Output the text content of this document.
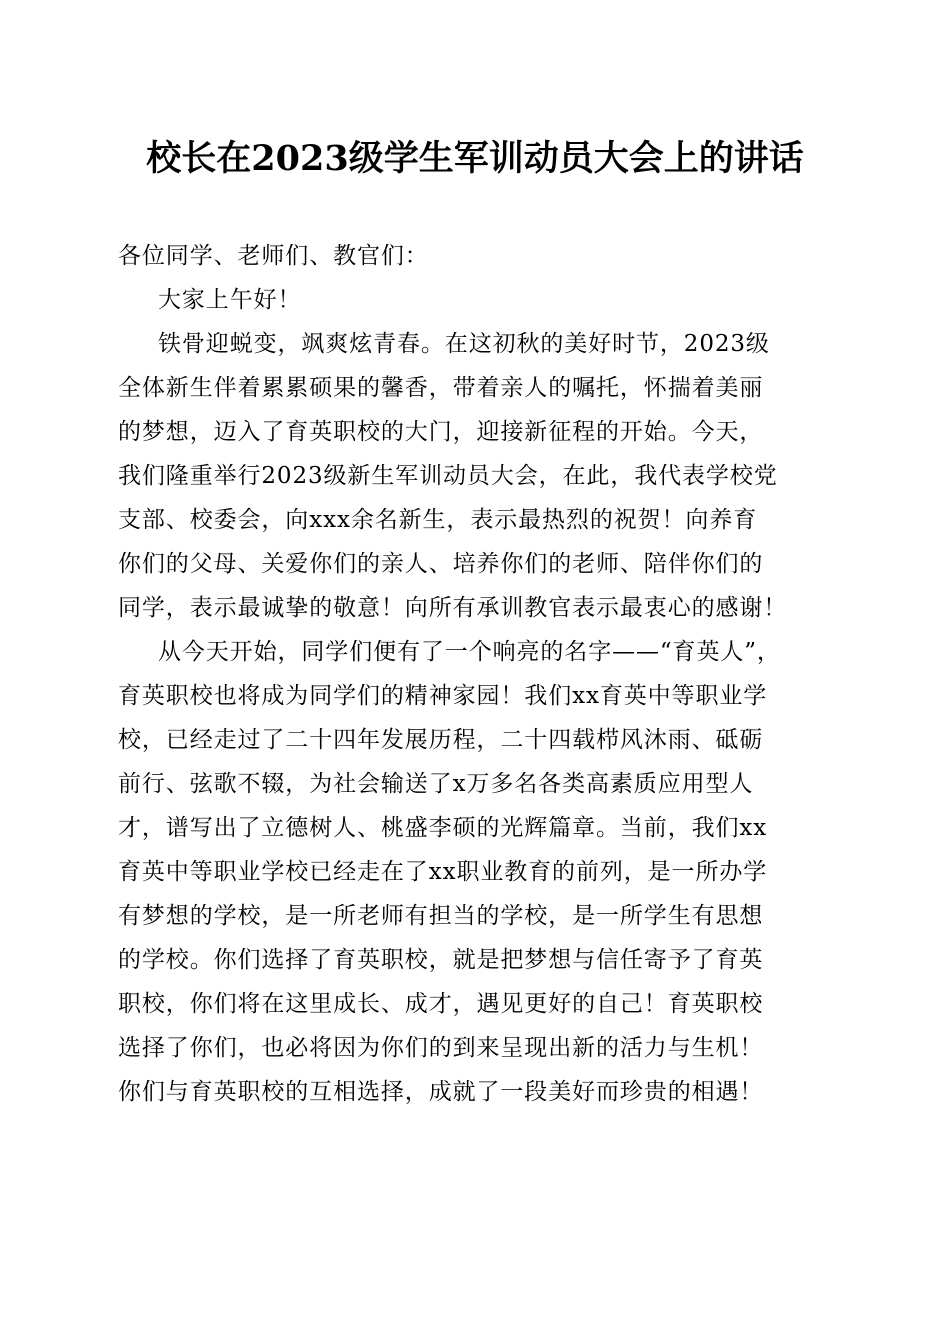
校长在2023级学生军训动员大会上的讲话
各位同学、老师们、教官们：
大家上午好！
铁骨迎蜕变，飒爽炫青春。在这初秋的美好时节，2023级
全体新生伴着累累硕果的馨香，带着亲人的嘱托，怀揣着美丽
的梦想，迈入了育英职校的大门，迎接新征程的开始。今天，
我们隆重举行2023级新生军训动员大会，在此，我代表学校党
支部、校委会，向xxx余名新生，表示最热烈的祝贺！向养育
你们的父母、关爱你们的亲人、培养你们的老师、陪伴你们的
同学，表示最诚挚的敬意！向所有承训教官表示最衷心的感谢！
从今天开始，同学们便有了一个响亮的名字——“育英人”，
育英职校也将成为同学们的精神家园！我们xx育英中等职业学
校，已经走过了二十四年发展历程，二十四载栉风沐雨、砥砺
前行、弦歌不辍，为社会输送了x万多名各类高素质应用型人
才，谱写出了立德树人、桃盛李硕的光辉篇章。当前，我们xx
育英中等职业学校已经走在了xx职业教育的前列，是一所办学
有梦想的学校，是一所老师有担当的学校，是一所学生有思想
的学校。你们选择了育英职校，就是把梦想与信任寄予了育英
职校，你们将在这里成长、成才，遇见更好的自己！育英职校
选择了你们，也必将因为你们的到来呈现出新的活力与生机！
你们与育英职校的互相选择，成就了一段美好而珍贵的相遇！
